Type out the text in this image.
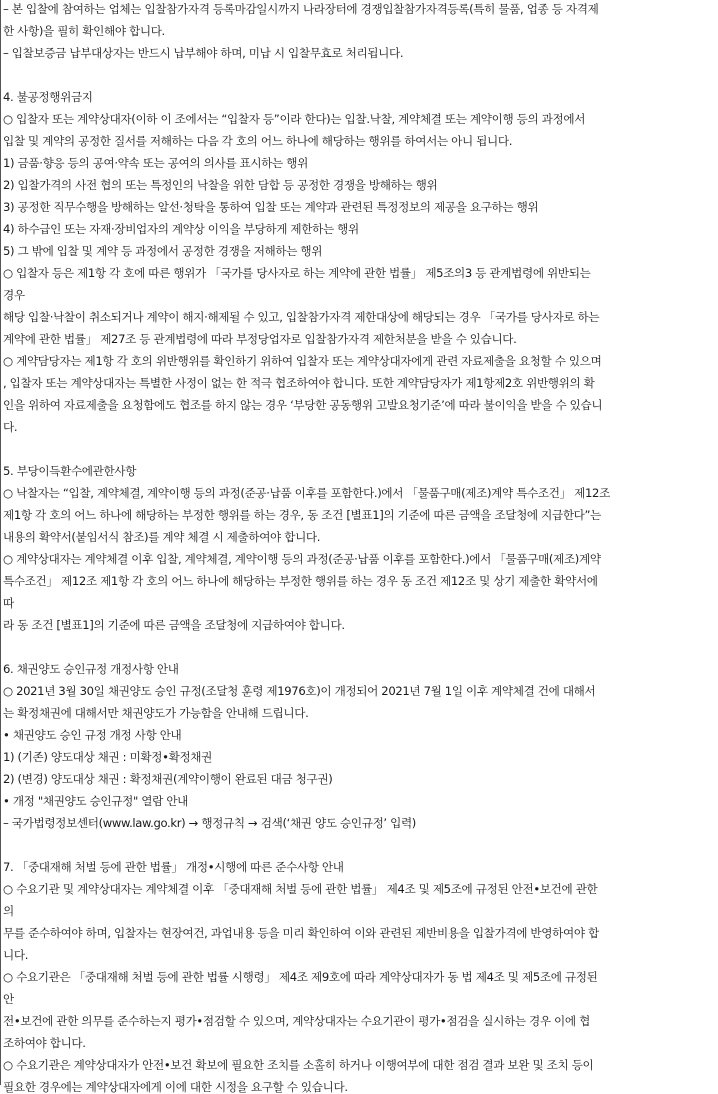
– 본 입찰에 참여하는 업체는 입찰참가자격 등록마감일시까지 나라장터에 경쟁입찰참가자격등록(특히 물품, 업종 등 자격제
한 사항)을 필히 확인해야 합니다.
– 입찰보증금 납부대상자는 반드시 납부해야 하며, 미납 시 입찰무효로 처리됩니다.
4. 불공정행위금지
○ 입찰자 또는 계약상대자(이하 이 조에서는 “입찰자 등”이라 한다)는 입찰․낙찰, 계약체결 또는 계약이행 등의 과정에서
입찰 및 계약의 공정한 질서를 저해하는 다음 각 호의 어느 하나에 해당하는 행위를 하여서는 아니 됩니다.
1) 금품·향응 등의 공여·약속 또는 공여의 의사를 표시하는 행위
2) 입찰가격의 사전 협의 또는 특정인의 낙찰을 위한 담합 등 공정한 경쟁을 방해하는 행위
3) 공정한 직무수행을 방해하는 알선·청탁을 통하여 입찰 또는 계약과 관련된 특정정보의 제공을 요구하는 행위
4) 하수급인 또는 자재·장비업자의 계약상 이익을 부당하게 제한하는 행위
5) 그 밖에 입찰 및 계약 등 과정에서 공정한 경쟁을 저해하는 행위
○ 입찰자 등은 제1항 각 호에 따른 행위가 「국가를 당사자로 하는 계약에 관한 법률」 제5조의3 등 관계법령에 위반되는
경우
해당 입찰·낙찰이 취소되거나 계약이 해지·해제될 수 있고, 입찰참가자격 제한대상에 해당되는 경우 「국가를 당사자로 하는
계약에 관한 법률」 제27조 등 관계법령에 따라 부정당업자로 입찰참가자격 제한처분을 받을 수 있습니다.
○ 계약담당자는 제1항 각 호의 위반행위를 확인하기 위하여 입찰자 또는 계약상대자에게 관련 자료제출을 요청할 수 있으며
, 입찰자 또는 계약상대자는 특별한 사정이 없는 한 적극 협조하여야 합니다. 또한 계약담당자가 제1항제2호 위반행위의 확
인을 위하여 자료제출을 요청함에도 협조를 하지 않는 경우 ‘부당한 공동행위 고발요청기준’에 따라 불이익을 받을 수 있습니
다.
5. 부당이득환수에관한사항
○ 낙찰자는 “입찰, 계약체결, 계약이행 등의 과정(준공·납품 이후를 포함한다.)에서 「물품구매(제조)계약 특수조건」 제12조
제1항 각 호의 어느 하나에 해당하는 부정한 행위를 하는 경우, 동 조건 [별표1]의 기준에 따른 금액을 조달청에 지급한다”는
내용의 확약서(붙임서식 참조)를 계약 체결 시 제출하여야 합니다.
○ 계약상대자는 계약체결 이후 입찰, 계약체결, 계약이행 등의 과정(준공·납품 이후를 포함한다.)에서 「물품구매(제조)계약
특수조건」 제12조 제1항 각 호의 어느 하나에 해당하는 부정한 행위를 하는 경우 동 조건 제12조 및 상기 제출한 확약서에
따
라 동 조건 [별표1]의 기준에 따른 금액을 조달청에 지급하여야 합니다.
6. 채권양도 승인규정 개정사항 안내
○ 2021년 3월 30일 채권양도 승인 규정(조달청 훈령 제1976호)이 개정되어 2021년 7월 1일 이후 계약체결 건에 대해서
는 확정채권에 대해서만 채권양도가 가능함을 안내해 드립니다.
• 채권양도 승인 규정 개정 사항 안내
1) (기존) 양도대상 채권 : 미확정•확정채권
2) (변경) 양도대상 채권 : 확정채권(계약이행이 완료된 대금 청구권)
• 개정 "채권양도 승인규정" 열람 안내
– 국가법령정보센터(www.law.go.kr) → 행정규칙 → 검색(‘채권 양도 승인규정’ 입력)
7. 「중대재해 처벌 등에 관한 법률」 개정•시행에 따른 준수사항 안내
○ 수요기관 및 계약상대자는 계약체결 이후 「중대재해 처벌 등에 관한 법률」 제4조 및 제5조에 규정된 안전•보건에 관한
의
무를 준수하여야 하며, 입찰자는 현장여건, 과업내용 등을 미리 확인하여 이와 관련된 제반비용을 입찰가격에 반영하여야 합
니다.
○ 수요기관은 「중대재해 처벌 등에 관한 법률 시행령」 제4조 제9호에 따라 계약상대자가 동 법 제4조 및 제5조에 규정된
안
전•보건에 관한 의무를 준수하는지 평가•점검할 수 있으며, 계약상대자는 수요기관이 평가•점검을 실시하는 경우 이에 협
조하여야 합니다.
○ 수요기관은 계약상대자가 안전•보건 확보에 필요한 조치를 소홀히 하거나 이행여부에 대한 점검 결과 보완 및 조치 등이
필요한 경우에는 계약상대자에게 이에 대한 시정을 요구할 수 있습니다.
